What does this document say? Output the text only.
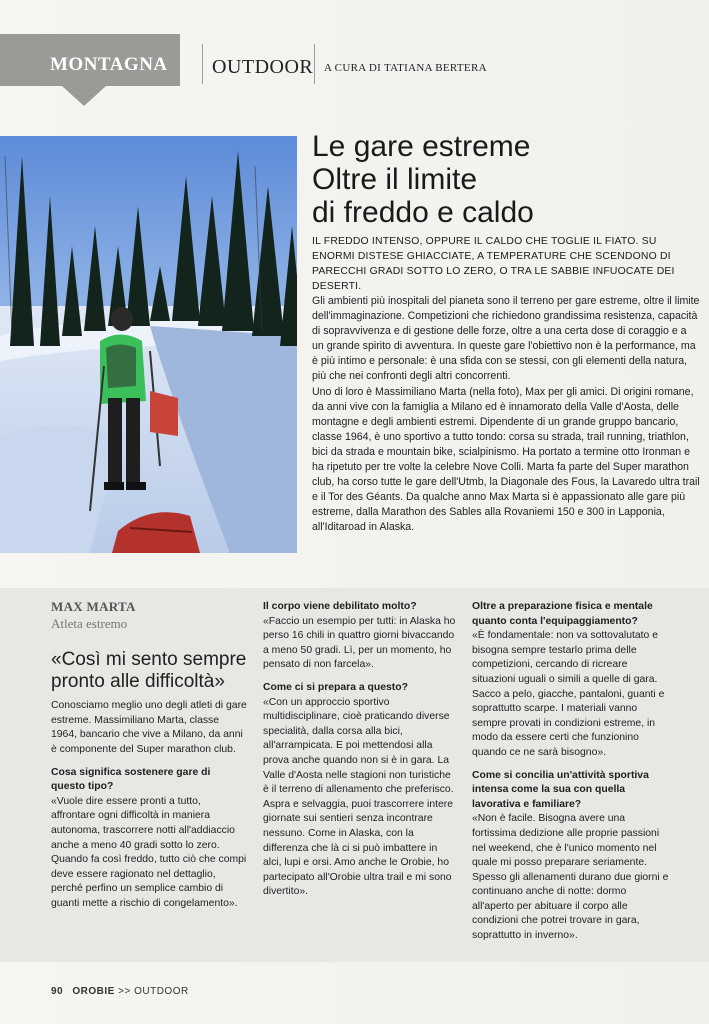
MONTAGNA OUTDOOR A CURA DI TATIANA BERTERA
Le gare estreme
Oltre il limite
di freddo e caldo
IL FREDDO INTENSO, OPPURE IL CALDO CHE TOGLIE IL FIATO. SU ENORMI DISTESE GHIACCIATE, A TEMPERATURE CHE SCENDONO DI PARECCHI GRADI SOTTO LO ZERO, O TRA LE SABBIE INFUOCATE DEI DESERTI.
Gli ambienti più inospitali del pianeta sono il terreno per gare estreme, oltre il limite dell'immaginazione. Competizioni che richiedono grandissima resistenza, capacità di sopravvivenza e di gestione delle forze, oltre a una certa dose di coraggio e a un grande spirito di avventura. In queste gare l'obiettivo non è la performance, ma è più intimo e personale: è una sfida con se stessi, con gli elementi della natura, più che nei confronti degli altri concorrenti.
Uno di loro è Massimiliano Marta (nella foto), Max per gli amici. Di origini romane, da anni vive con la famiglia a Milano ed è innamorato della Valle d'Aosta, delle montagne e degli ambienti estremi. Dipendente di un grande gruppo bancario, classe 1964, è uno sportivo a tutto tondo: corsa su strada, trail running, triathlon, bici da strada e mountain bike, scialpinismo. Ha portato a termine otto Ironman e ha ripetuto per tre volte la celebre Nove Colli. Marta fa parte del Super marathon club, ha corso tutte le gare dell'Utmb, la Diagonale des Fous, la Lavaredo ultra trail e il Tor des Géants. Da qualche anno Max Marta si è appassionato alle gare più estreme, dalla Marathon des Sables alla Rovaniemi 150 e 300 in Lapponia, all'Iditaroad in Alaska.
MAX MARTA
Atleta estremo

«Così mi sento sempre pronto alle difficoltà»

Conosciamo meglio uno degli atleti di gare estreme. Massimiliano Marta, classe 1964, bancario che vive a Milano, da anni è componente del Super marathon club.

Cosa significa sostenere gare di questo tipo?

«Vuole dire essere pronti a tutto, affrontare ogni difficoltà in maniera autonoma, trascorrere notti all'addiaccio anche a meno 40 gradi sotto lo zero. Quando fa così freddo, tutto ciò che compi deve essere ragionato nel dettaglio, perché perfino un semplice cambio di guanti mette a rischio di congelamento».

Il corpo viene debilitato molto?

«Faccio un esempio per tutti: in Alaska ho perso 16 chili in quattro giorni bivaccando a meno 50 gradi. Lì, per un momento, ho pensato di non farcela».

Come ci si prepara a questo?

«Con un approccio sportivo multidisciplinare, cioè praticando diverse specialità, dalla corsa alla bici, all'arrampicata. E poi mettendosi alla prova anche quando non si è in gara. La Valle d'Aosta nelle stagioni non turistiche è il terreno di allenamento che preferisco. Aspra e selvaggia, puoi trascorrere intere giornate sui sentieri senza incontrare nessuno. Come in Alaska, con la differenza che là ci si può imbattere in alci, lupi e orsi. Amo anche le Orobie, ho partecipato all'Orobie ultra trail e mi sono divertito».

Oltre a preparazione fisica e mentale quanto conta l'equipaggiamento?

«È fondamentale: non va sottovalutato e bisogna sempre testarlo prima delle competizioni, cercando di ricreare situazioni uguali o simili a quelle di gara. Sacco a pelo, giacche, pantaloni, guanti e soprattutto scarpe. I materiali vanno sempre provati in condizioni estreme, in modo da essere certi che funzionino quando ce ne sarà bisogno».

Come si concilia un'attività sportiva intensa come la sua con quella lavorativa e familiare?

«Non è facile. Bisogna avere una fortissima dedizione alle proprie passioni nel weekend, che è l'unico momento nel quale mi posso preparare seriamente. Spesso gli allenamenti durano due giorni e continuano anche di notte: dormo all'aperto per abituare il corpo alle condizioni che potrei trovare in gara, soprattutto in inverno».

90 OROBIE >> OUTDOOR
